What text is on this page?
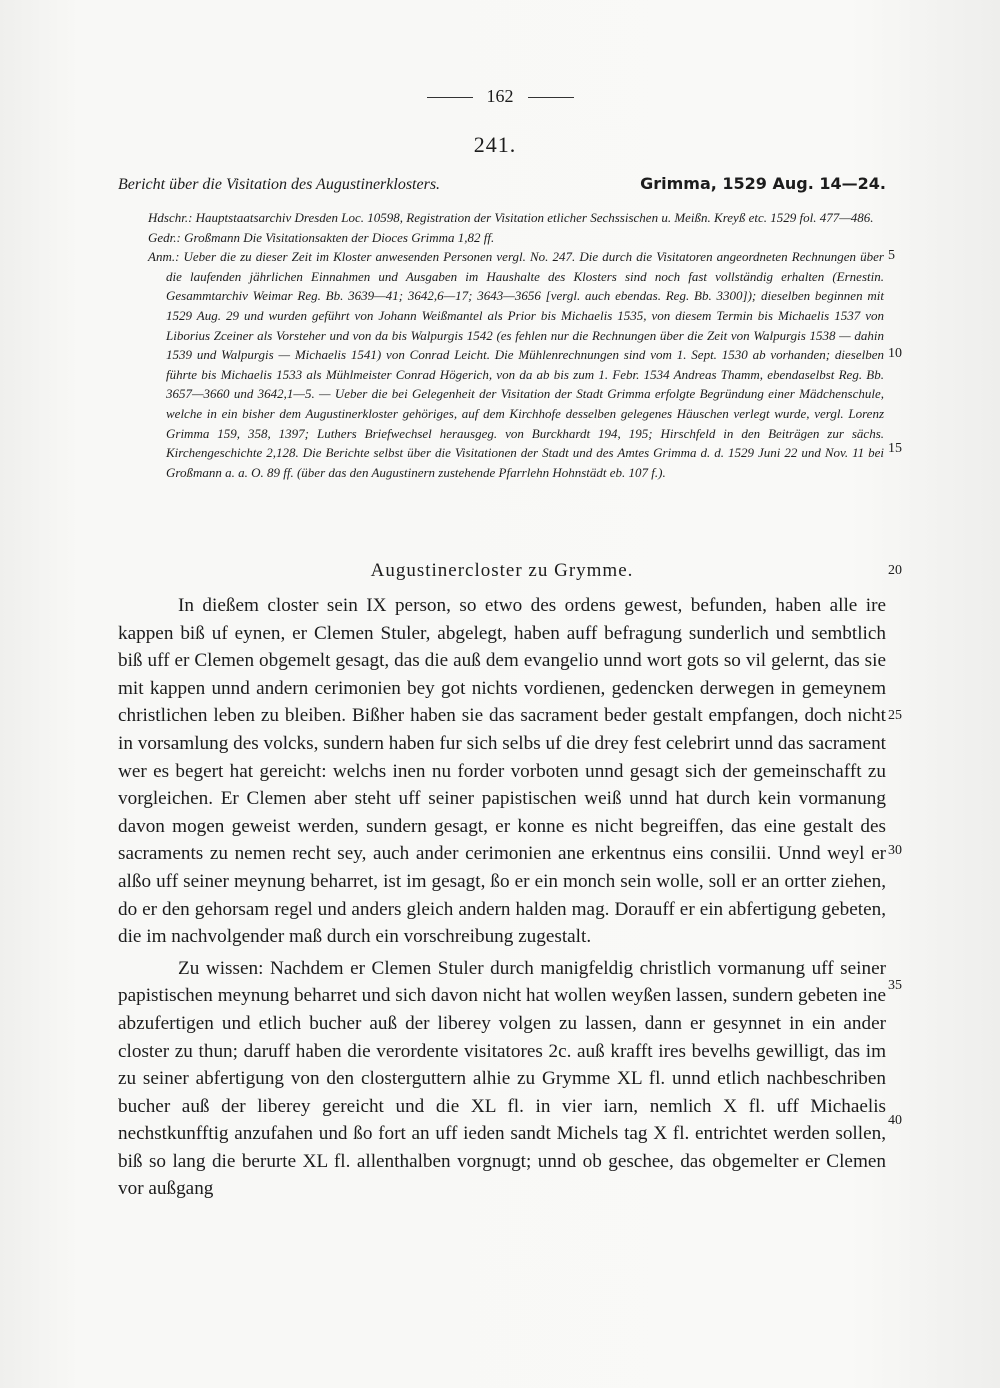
162
241.
Bericht über die Visitation des Augustinerklosters.	Grimma, 1529 Aug. 14—24.

Hdschr.: Hauptstaatsarchiv Dresden Loc. 10598, Registration der Visitation etlicher Sechssischen u. Meißn. Kreyß etc. 1529 fol. 477—486.

Gedr.: Großmann Die Visitationsakten der Dioces Grimma 1,82 ff.

Anm.: Ueber die zu dieser Zeit im Kloster anwesenden Personen vergl. No. 247. Die durch die Visitatoren angeordneten Rechnungen über die laufenden jährlichen Einnahmen und Ausgaben im Haushalte des Klosters sind noch fast vollständig erhalten (Ernestin. Gesammtarchiv Weimar Reg. Bb. 3639—41; 3642,6—17; 3643—3656 [vergl. auch ebendas. Reg. Bb. 3300]); dieselben beginnen mit 1529 Aug. 29 und wurden geführt von Johann Weißmantel als Prior bis Michaelis 1535, von diesem Termin bis Michaelis 1537 von Liborius Zceiner als Vorsteher und von da bis Walpurgis 1542 (es fehlen nur die Rechnungen über die Zeit von Walpurgis 1538 — dahin 1539 und Walpurgis — Michaelis 1541) von Conrad Leicht. Die Mühlenrechnungen sind vom 1. Sept. 1530 ab vorhanden; dieselben führte bis Michaelis 1533 als Mühlmeister Conrad Högerich, von da ab bis zum 1. Febr. 1534 Andreas Thamm, ebendaselbst Reg. Bb. 3657—3660 und 3642,1—5. — Ueber die bei Gelegenheit der Visitation der Stadt Grimma erfolgte Begründung einer Mädchenschule, welche in ein bisher dem Augustinerkloster gehöriges, auf dem Kirchhofe desselben gelegenes Häuschen verlegt wurde, vergl. Lorenz Grimma 159, 358, 1397; Luthers Briefwechsel herausgeg. von Burckhardt 194, 195; Hirschfeld in den Beiträgen zur sächs. Kirchengeschichte 2,128. Die Berichte selbst über die Visitationen der Stadt und des Amtes Grimma d. d. 1529 Juni 22 und Nov. 11 bei Großmann a. a. O. 89 ff. (über das den Augustinern zustehende Pfarrlehn Hohnstädt eb. 107 f.).

Augustinercloster zu Grymme.

In dießem closter sein IX person, so etwo des ordens gewest, befunden, haben alle ire kappen biß uf eynen, er Clemen Stuler, abgelegt, haben auff befragung sunderlich und sembtlich biß uff er Clemen obgemelt gesagt, das die auß dem evangelio unnd wort gots so vil gelernt, das sie mit kappen unnd andern cerimonien bey got nichts vordienen, gedencken derwegen in gemeynem christlichen leben zu bleiben. Bißher haben sie das sacrament beder gestalt empfangen, doch nicht in vorsamlung des volcks, sundern haben fur sich selbs uf die drey fest celebrirt unnd das sacrament wer es begert hat gereicht: welchs inen nu forder vorboten unnd gesagt sich der gemeinschafft zu vorgleichen. Er Clemen aber steht uff seiner papistischen weiß unnd hat durch kein vormanung davon mogen geweist werden, sundern gesagt, er konne es nicht begreiffen, das eine gestalt des sacraments zu nemen recht sey, auch ander cerimonien ane erkentnus eins consilii. Unnd weyl er alßo uff seiner meynung beharret, ist im gesagt, ßo er ein monch sein wolle, soll er an ortter ziehen, do er den gehorsam regel und anders gleich andern halden mag. Dorauff er ein abfertigung gebeten, die im nachvolgender maß durch ein vorschreibung zugestalt.

Zu wissen: Nachdem er Clemen Stuler durch manigfeldig christlich vormanung uff seiner papistischen meynung beharret und sich davon nicht hat wollen weyßen lassen, sundern gebeten ine abzufertigen und etlich bucher auß der liberey volgen zu lassen, dann er gesynnet in ein ander closter zu thun; daruff haben die verordente visitatores 2c. auß krafft ires bevelhs gewilligt, das im zu seiner abfertigung von den closterguttern alhie zu Grymme XL fl. unnd etlich nachbeschriben bucher auß der liberey gereicht und die XL fl. in vier iarn, nemlich X fl. uff Michaelis nechstkunfftig anzufahen und ßo fort an uff ieden sandt Michels tag X fl. entrichtet werden sollen, biß so lang die berurte XL fl. allenthalben vorgnugt; unnd ob geschee, das obgemelter er Clemen vor außgang

5
10
15
20
25
30
35
40
